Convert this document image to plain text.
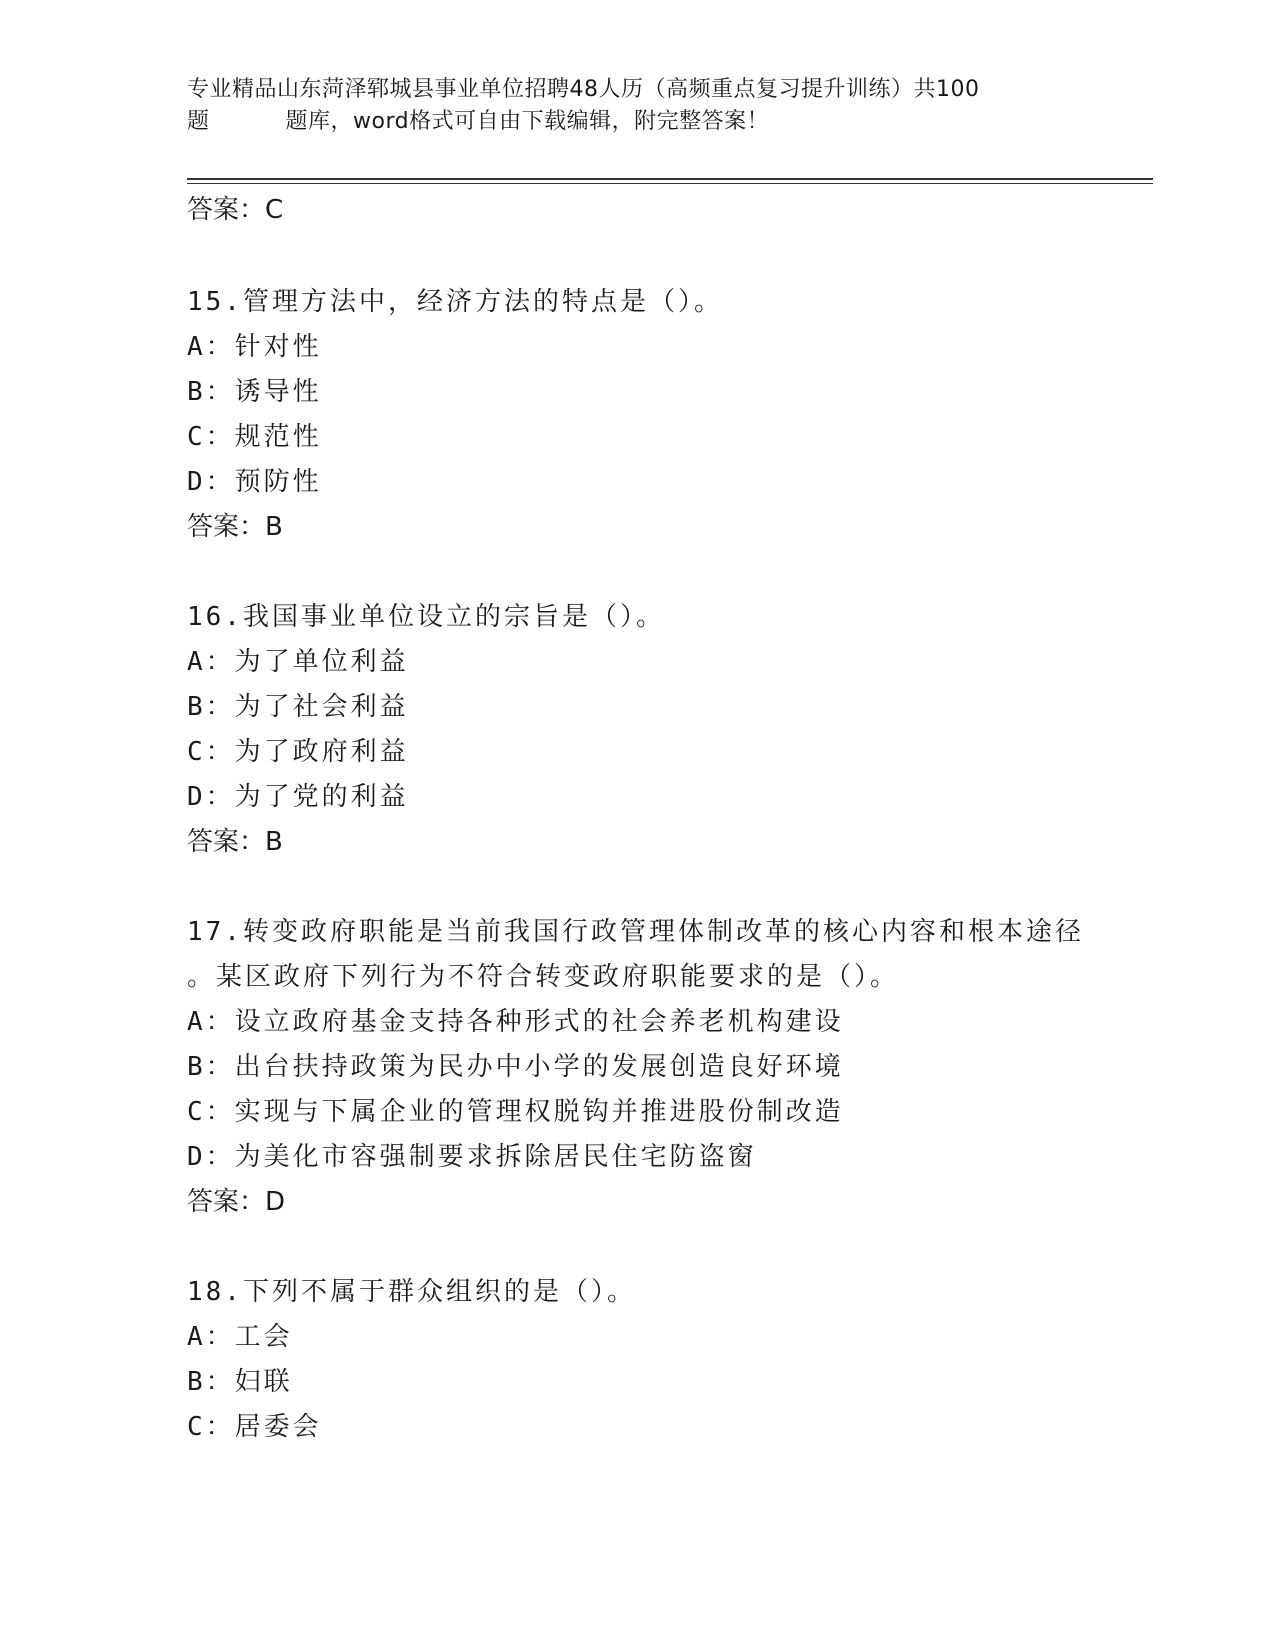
专业精品山东菏泽郓城县事业单位招聘48人历（高频重点复习提升训练）共100
题	题库，word格式可自由下载编辑，附完整答案！
答案：C
15.管理方法中，经济方法的特点是（）。
A：针对性
B：诱导性
C：规范性
D：预防性
答案：B
16.我国事业单位设立的宗旨是（）。
A：为了单位利益
B：为了社会利益
C：为了政府利益
D：为了党的利益
答案：B
17.转变政府职能是当前我国行政管理体制改革的核心内容和根本途径
。某区政府下列行为不符合转变政府职能要求的是（）。
A：设立政府基金支持各种形式的社会养老机构建设
B：出台扶持政策为民办中小学的发展创造良好环境
C：实现与下属企业的管理权脱钩并推进股份制改造
D：为美化市容强制要求拆除居民住宅防盗窗
答案：D
18.下列不属于群众组织的是（）。
A：工会
B：妇联
C：居委会
